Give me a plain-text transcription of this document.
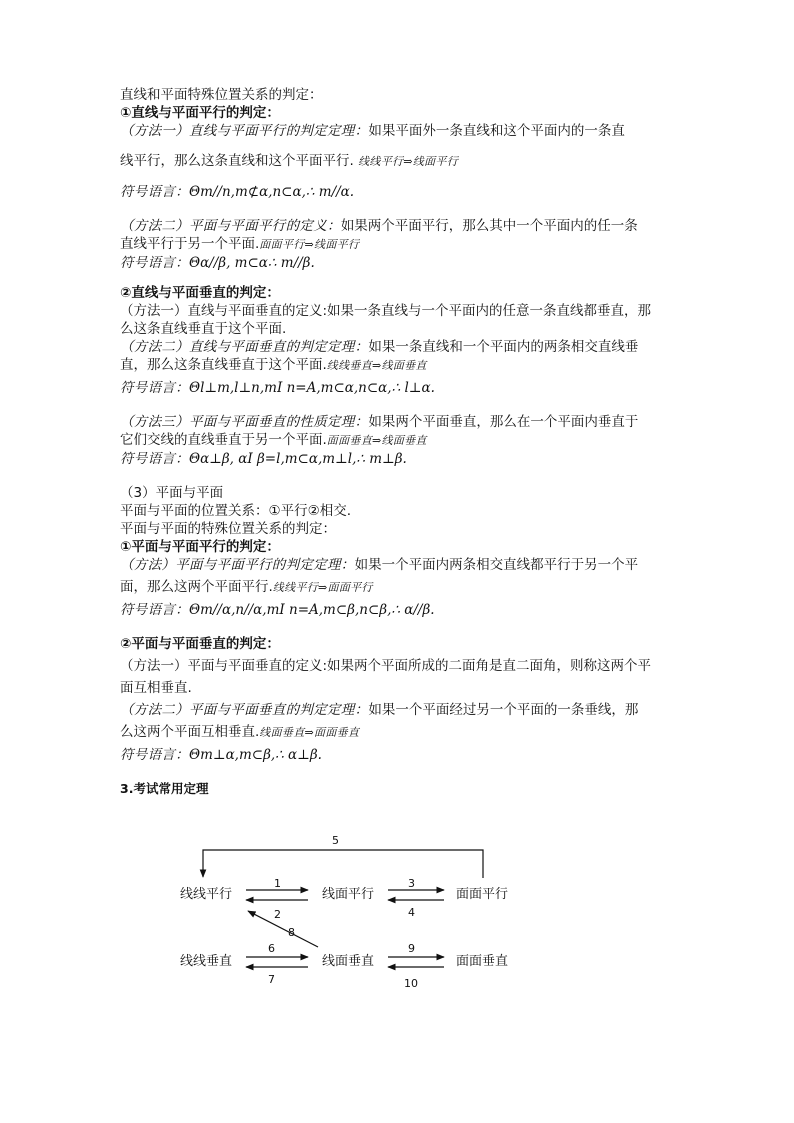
直线和平面特殊位置关系的判定：
①直线与平面平行的判定：
（方法一）直线与平面平行的判定定理：如果平面外一条直线和这个平面内的一条直
线平行，那么这条直线和这个平面平行. 线线平行⇒线面平行
符号语言：Θm//n,m⊄α,n⊂α,∴ m//α.
（方法二）平面与平面平行的定义：如果两个平面平行，那么其中一个平面内的任一条
直线平行于另一个平面.面面平行⇒线面平行
符号语言：Θα//β, m⊂α∴ m//β.
②直线与平面垂直的判定：
（方法一）直线与平面垂直的定义:如果一条直线与一个平面内的任意一条直线都垂直，那
么这条直线垂直于这个平面.
（方法二）直线与平面垂直的判定定理：如果一条直线和一个平面内的两条相交直线垂
直，那么这条直线垂直于这个平面.线线垂直⇒线面垂直
符号语言：Θl⊥m,l⊥n,mI n=A,m⊂α,n⊂α,∴ l⊥α.
（方法三）平面与平面垂直的性质定理：如果两个平面垂直，那么在一个平面内垂直于
它们交线的直线垂直于另一个平面.面面垂直⇒线面垂直
符号语言：Θα⊥β, αI β=l,m⊂α,m⊥l,∴ m⊥β.
（3）平面与平面
平面与平面的位置关系：①平行②相交.
平面与平面的特殊位置关系的判定：
①平面与平面平行的判定：
（方法）平面与平面平行的判定定理：如果一个平面内两条相交直线都平行于另一个平
面，那么这两个平面平行.线线平行⇒面面平行
符号语言：Θm//α,n//α,mI n=A,m⊂β,n⊂β,∴ α//β.
②平面与平面垂直的判定：
（方法一）平面与平面垂直的定义:如果两个平面所成的二面角是直二面角，则称这两个平
面互相垂直.
（方法二）平面与平面垂直的判定定理：如果一个平面经过另一个平面的一条垂线，那
么这两个平面互相垂直.线面垂直⇒面面垂直
符号语言：Θm⊥α,m⊂β,∴ α⊥β.
3.考试常用定理
5
线线平行	线面平行	面面平行
1
2
3
4
8
线线垂直	线面垂直	面面垂直
6
7
9
10
